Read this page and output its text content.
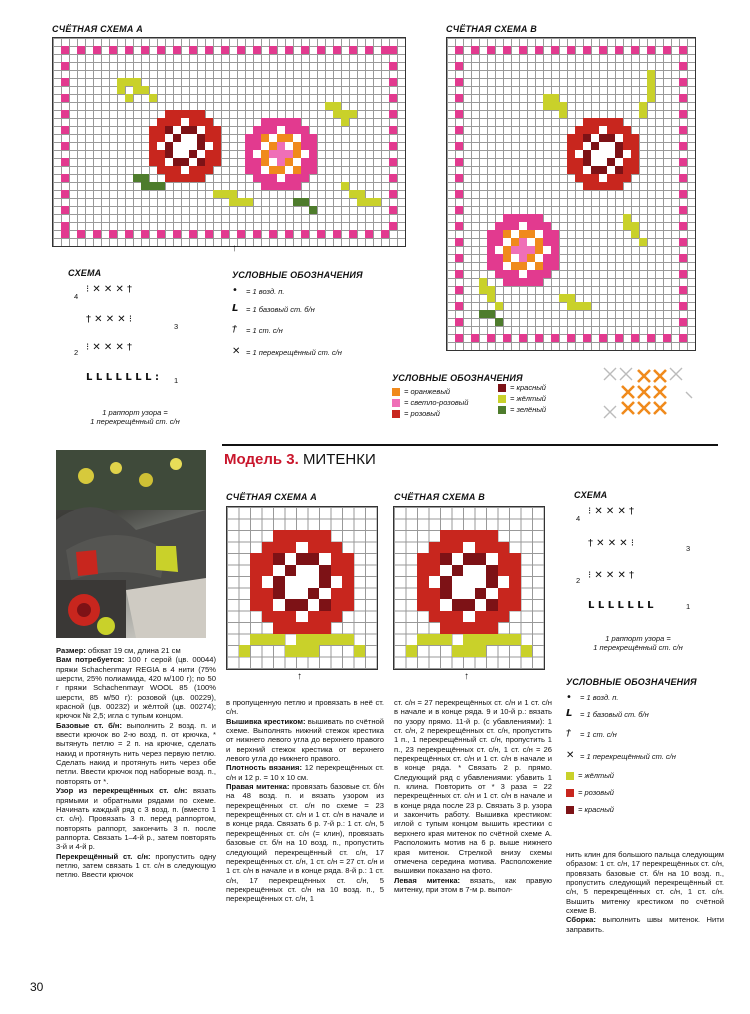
СЧЁТНАЯ СХЕМА А	СЧЁТНАЯ СХЕМА В
↑
СХЕМА
4
3
2
1
⁝ ✕ ✕ ✕ †
† ✕ ✕ ✕ ⁝
⁝ ✕ ✕ ✕ †
L L L L L L L :
1 раппорт узора =
1 перекрещённый ст. с/н
УСЛОВНЫЕ ОБОЗНАЧЕНИЯ
•	= 1 возд. п.
L	= 1 базовый ст. б/н
†	= 1 ст. с/н
✕ = 1 перекрещённый ст. с/н
УСЛОВНЫЕ ОБОЗНАЧЕНИЯ
= оранжевый
= светло-розовый
= розовый
= красный
= жёлтый
= зелёный
Модель 3. МИТЕНКИ
СЧЁТНАЯ СХЕМА А	СЧЁТНАЯ СХЕМА В
↑	↑
СХЕМА
4
3
2
1
⁝ ✕ ✕ ✕ †
† ✕ ✕ ✕ ⁝
⁝ ✕ ✕ ✕ †
L L L L L L L
1 раппорт узора =
1 перекрещённый ст. с/н
УСЛОВНЫЕ ОБОЗНАЧЕНИЯ
•	= 1 возд. п.
L	= 1 базовый ст. б/н
†	= 1 ст. с/н
✕ = 1 перекрещённый ст. с/н
= жёлтый
= розовый
= красный
Размер: обхват 19 см, длина 21 см
Вам потребуется: 100 г серой (цв. 00044) пряжи Schachenmayr REGIA в 4 нити (75% шерсти, 25% полиамида, 420 м/100 г); по 50 г пряжи Schachenmayr WOOL 85 (100% шерсти, 85 м/50 г): розовой (цв. 00229), красной (цв. 00232) и жёлтой (цв. 00274); крючок № 2,5; игла с тупым концом.
Базовые ст. б/н: выполнить 2 возд. п. и ввести крючок во 2-ю возд. п. от крючка, * вытянуть петлю = 2 п. на крючке, сделать накид и протянуть нить через первую петлю. Сделать накид и протянуть нить через обе петли. Ввести крючок под наборные возд. п., повторять от *.
Узор из перекрещённых ст. с/н: вязать прямыми и обратными рядами по схеме. Начинать каждый ряд с 3 возд. п. (вместо 1 ст. с/н). Провязать 3 п. перед раппортом, повторять раппорт, закончить 3 п. после раппорта. Связать 1–4-й р., затем повторять 3-й и 4-й р.
Перекрещённый ст. с/н: пропустить одну петлю, затем связать 1 ст. с/н в следующую петлю. Ввести крючок
в пропущенную петлю и провязать в неё ст. с/н.
Вышивка крестиком: вышивать по счётной схеме. Выполнять нижний стежок крестика от нижнего левого угла до верхнего правого и верхний стежок крестика от верхнего левого угла до нижнего правого.
Плотность вязания: 12 перекрещённых ст. с/н и 12 р. = 10 х 10 см.
Правая митенка: провязать базовые ст. б/н на 48 возд. п. и вязать узором из перекрещённых ст. с/н по схеме = 23 перекрещённых ст. с/н и 1 ст. с/н в начале и в конце ряда. Связать 6 р. 7-й р.: 1 ст. с/н, 5 перекрещённых ст. с/н (= клин), провязать базовые ст. б/н на 10 возд. п., пропустить следующий перекрещённый ст. с/н, 17 перекрещённых ст. с/н, 1 ст. с/н = 27 ст. с/н и 1 ст. с/н в начале и в конце ряда. 8-й р.: 1 ст. с/н, 17 перекрещённых ст. с/н, 5 перекрещённых ст. с/н на 10 возд. п., 5 перекрещённых ст. с/н, 1
ст. с/н = 27 перекрещённых ст. с/н и 1 ст. с/н в начале и в конце ряда. 9 и 10-й р.: вязать по узору прямо. 11-й р. (с убавлениями): 1 ст. с/н, 2 перекрещённых ст. с/н, пропустить 1 п., 1 перекрещённый ст. с/н, пропустить 1 п., 23 перекрещённых ст. с/н, 1 ст. с/н = 26 перекрещённых ст. с/н и 1 ст. с/н в начале и в конце ряда. * Связать 2 р. прямо. Следующий ряд с убавлениями: убавить 1 п. клина. Повторить от * 3 раза = 22 перекрещённых ст. с/н и 1 ст. с/н в начале и в конце ряда после 23 р. Связать 3 р. узора и закончить работу. Вышивка крестиком: иглой с тупым концом вышить крестики с верхнего края митенок по счётной схеме А. Расположить мотив на 6 р. выше нижнего края митенок. Стрелкой внизу схемы отмечена середина мотива. Расположение вышивки показано на фото.
Левая митенка: вязать, как правую митенку, при этом в 7-м р. выпол-
нить клин для большого пальца следующим образом: 1 ст. с/н, 17 перекрещённых ст. с/н, провязать базовые ст. б/н на 10 возд. п., пропустить следующий перекрещённый ст. с/н, 5 перекрещённых ст. с/н, 1 ст. с/н. Вышить митенку крестиком по счётной схеме В.
Сборка: выполнить швы митенок. Нити заправить.
30
